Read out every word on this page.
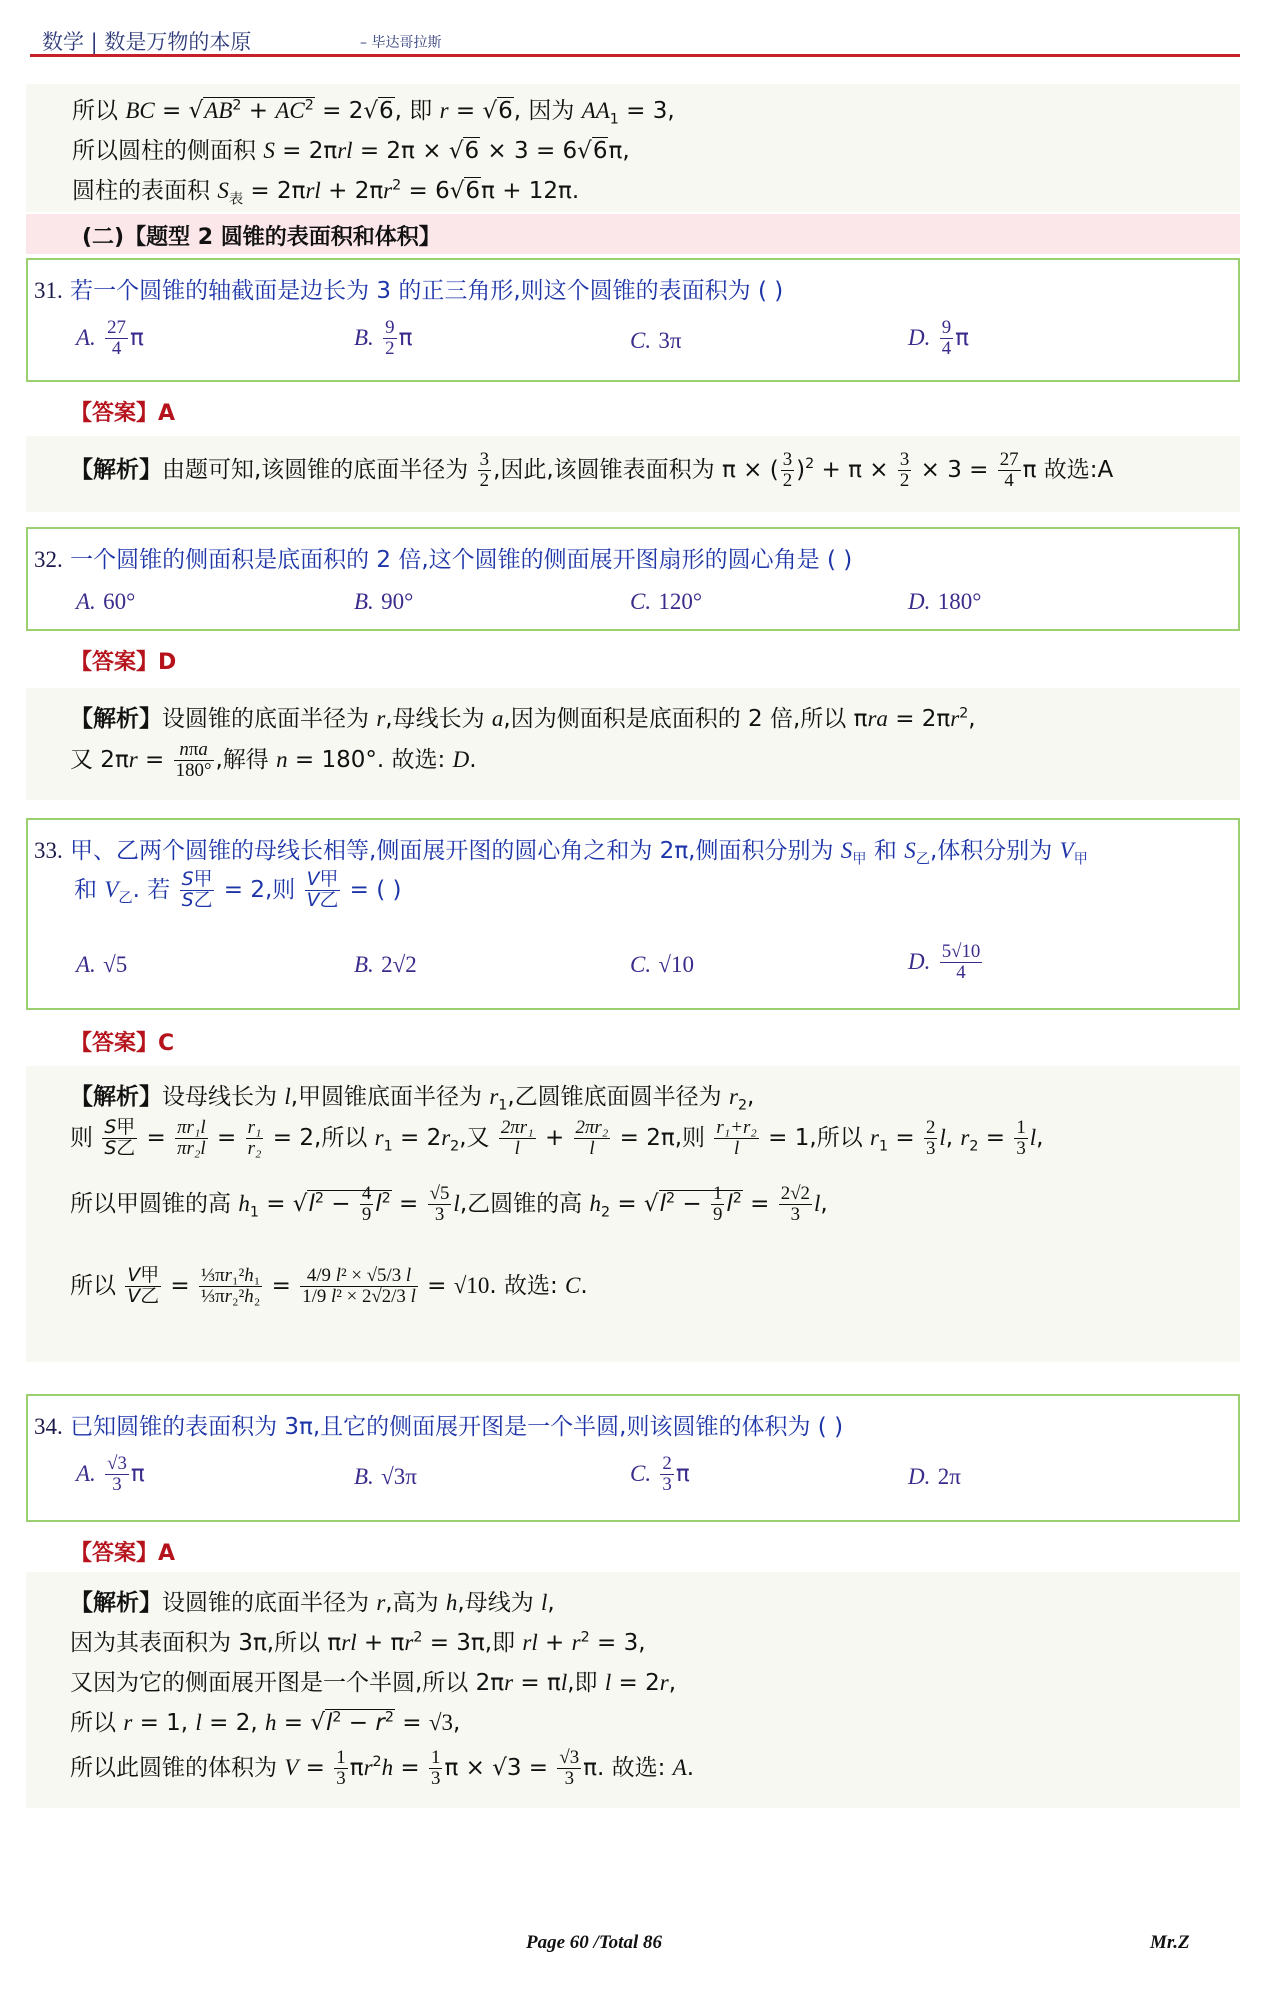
数学 | 数是万物的本原	– 毕达哥拉斯
所以 BC = $√AB^2 + AC^2 = 2√6$, 即 r = √6, 因为 $AA_1 = 3$,
所以圆柱的侧面积 S = 2πrl = 2π × √6 × 3 = 6√6π,
圆柱的表面积 $S_表 = 2\pi rl + 2\pi r^2 = 6√6\pi + 12\pi$.
(二)【题型 2 圆锥的表面积和体积】
31. 若一个圆锥的轴截面是边长为 3 的正三角形,则这个圆锥的表面积为 ( )
A. $\frac{27}{4}$ π	B. $\frac{9}{2}$ π	C. 3π	D. $\frac{9}{4}$ π
【答案】A
【解析】由题可知,该圆锥的底面半径为 $\frac{3}{2}$ ,因此,该圆锥表面积为 π × ( $\frac{3}{2} )^2 + \pi \times \frac{3}{2} \times 3 = \frac{27}{4}$ π 故选:A
32. 一个圆锥的侧面积是底面积的 2 倍,这个圆锥的侧面展开图扇形的圆心角是 ( )
A. 60°	B. 90°	C. 120°	D. 180°
【答案】D
【解析】设圆锥的底面半径为 r,母线长为 a,因为侧面积是底面积的 2 倍,所以 $\pi ra = 2\pi r^2$,
又 $2\pi r = \frac{\text{nπa}}{180^\circ}$ ,解得 n = 180°. 故选: D.
33. 甲、乙两个圆锥的母线长相等,侧面展开图的圆心角之和为 2π,侧面积分别为 $S_甲$ 和 $S_乙$,体积分别为 $V_甲$
和 $V_乙$. 若 $\frac{\text{S甲}}{\text{S乙}} = 2$,则 $\frac{\text{V甲}}{\text{V乙}}$ = ( )
A. √5	B. 2√2	C. √10	D. $\frac{5√10}{4}$
【答案】C
【解析】设母线长为 l,甲圆锥底面半径为 $r_1$,乙圆锥底面圆半径为 $r_2$,
则 $\frac{\text{S甲}}{\text{S乙}} = \frac{\text{πr₁l}}{\text{πr₂l}} = \frac{\text{r₁}}{\text{r₂}} = 2$,所以 $r_1 = 2r_2$,又 $\frac{\text{2πr₁}}{l} + \frac{\text{2πr₂}}{l} = 2\pi$,则 $\frac{\text{r₁+r₂}}{l} = 1$,所以 $r_1 = \frac{2}{3} l$, $r_2 = \frac{1}{3} l$,
所以甲圆锥的高 $h_1 = √l^2 - \frac{4}{9} l^2 = \frac{√5}{3} l$,乙圆锥的高 $h_2 = √l^2 - \frac{1}{9} l^2 = \frac{2√2}{3} l$,
所以 $\frac{\text{V甲}}{\text{V乙}} = \frac{\text{⅓πr₁²h₁}}{\text{⅓πr₂²h₂}} = \frac{\text{4/9 l² × √5/3 l}}{\text{1/9 l² × 2√2/3 l}} = √10$. 故选: C.
34. 已知圆锥的表面积为 3π,且它的侧面展开图是一个半圆,则该圆锥的体积为 ( )
A. $\frac{√3}{3}$ π	B. √3π	C. $\frac{2}{3}$ π	D. 2π
【答案】A
【解析】设圆锥的底面半径为 r,高为 h,母线为 l,
因为其表面积为 3π,所以 $\pi rl + \pi r^2 = 3\pi$,即 rl + $r^2 = 3$,
又因为它的侧面展开图是一个半圆,所以 2πr = πl,即 l = 2r,
所以 r = 1, l = 2, $h = √l^2 - r^2 = √3$,
所以此圆锥的体积为 $V = \frac{1}{3} \pi r^2h = \frac{1}{3}$ $\pi \times √3 = \frac{√3}{3} \pi$. 故选: A.
Page 60 /Total 86	Mr.Z
